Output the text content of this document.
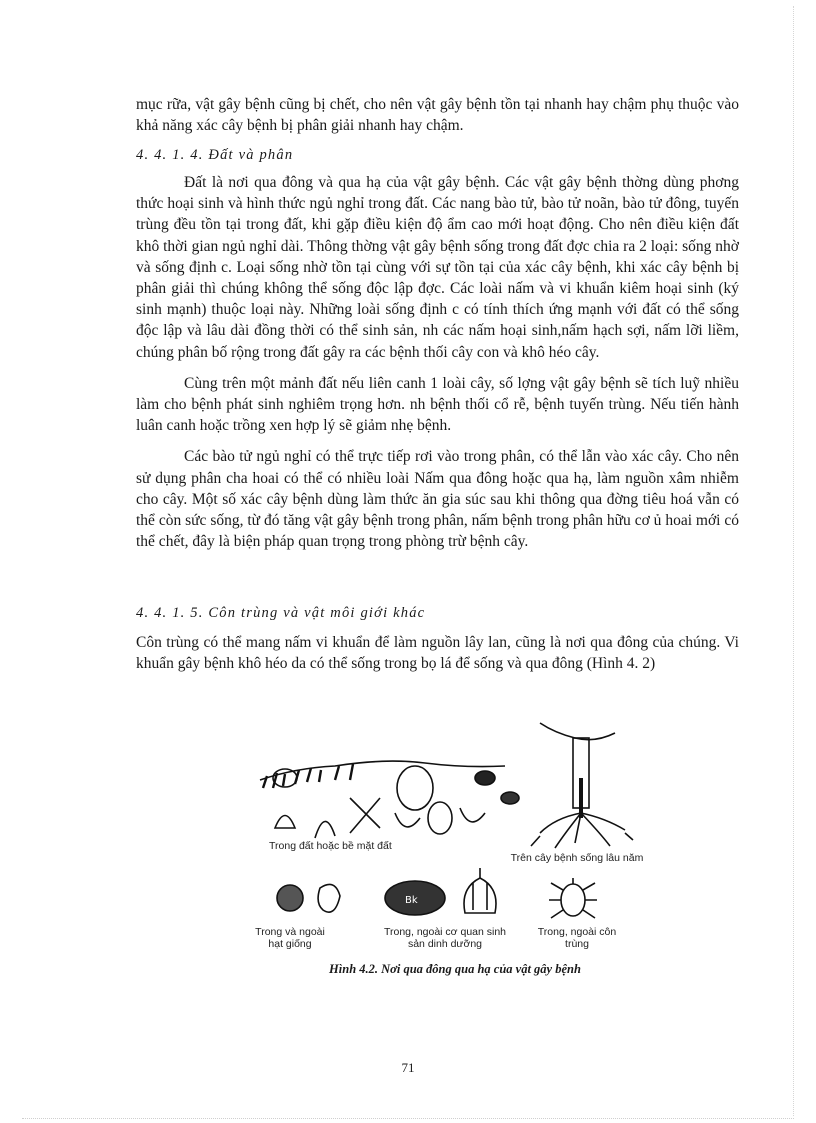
mục rữa, vật gây bệnh cũng bị chết, cho nên vật gây bệnh tồn tại nhanh hay chậm phụ thuộc vào khả năng xác cây bệnh bị phân giải nhanh hay chậm.

4. 4. 1. 4. Đất và phân

Đất là nơi qua đông và qua hạ của vật gây bệnh. Các vật gây bệnh thờng dùng phơng thức hoại sinh và hình thức ngủ nghỉ trong đất. Các nang bào tử, bào tử noãn, bào tử đông, tuyến trùng đều tồn tại trong đất, khi gặp điều kiện độ ẩm cao mới hoạt động. Cho nên điều kiện đất khô thời gian ngủ nghỉ dài. Thông thờng vật gây bệnh sống trong đất đợc chia ra 2 loại: sống nhờ và sống định c. Loại sống nhờ tồn tại cùng với sự tồn tại của xác cây bệnh, khi xác cây bệnh bị phân giải thì chúng không thể sống độc lập đợc. Các loài nấm và vi khuẩn kiêm hoại sinh (ký sinh mạnh) thuộc loại này. Những loài sống định c có tính thích ứng mạnh với đất có thể sống độc lập và lâu dài đồng thời có thể sinh sản, nh các nấm hoại sinh,nấm hạch sợi, nấm lỡi liềm, chúng phân bố rộng trong đất gây ra các bệnh thối cây con và khô héo cây.

Cùng trên một mảnh đất nếu liên canh 1 loài cây, số lợng vật gây bệnh sẽ tích luỹ nhiều làm cho bệnh phát sinh nghiêm trọng hơn. nh bệnh thối cổ rễ, bệnh tuyến trùng. Nếu tiến hành luân canh hoặc trồng xen hợp lý sẽ giảm nhẹ bệnh.

Các bào tử ngủ nghỉ có thể trực tiếp rơi vào trong phân, có thể lẫn vào xác cây. Cho nên sử dụng phân cha hoai có thể có nhiều loài Nấm qua đông hoặc qua hạ, làm nguồn xâm nhiễm cho cây. Một số xác cây bệnh dùng làm thức ăn gia súc sau khi thông qua đờng tiêu hoá vẫn có thể còn sức sống, từ đó tăng vật gây bệnh trong phân, nấm bệnh trong phân hữu cơ ủ hoai mới có thể chết, đây là biện pháp quan trọng trong phòng trừ bệnh cây.

4. 4. 1. 5. Côn trùng và vật môi giới khác

Côn trùng có thể mang nấm vi khuẩn để làm nguồn lây lan, cũng là nơi qua đông của chúng. Vi khuẩn gây bệnh khô héo da có thể sống trong bọ lá để sống và qua đông (Hình 4. 2)

Bk
Trong đất hoặc bề mặt đất
Trên cây bệnh sống lâu năm
Trong và ngoài hạt giống
Trong, ngoài cơ quan sinh sản dinh dưỡng
Trong, ngoài côn trùng
Hình 4.2. Nơi qua đông qua hạ của vật gây bệnh
71
